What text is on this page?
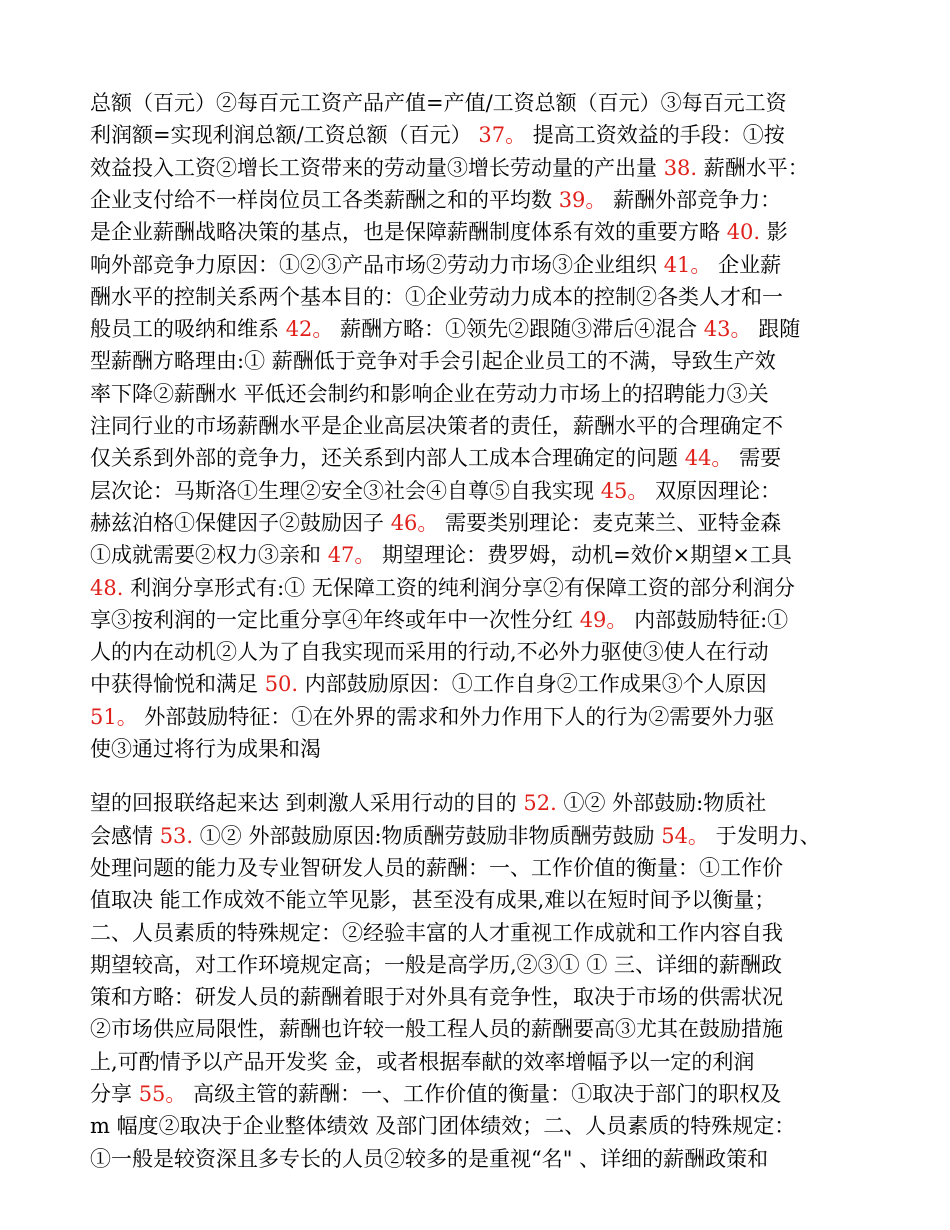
总额（百元）②每百元工资产品产值=产值/工资总额（百元）③每百元工资
利润额=实现利润总额/工资总额（百元） 37。 提高工资效益的手段：①按
效益投入工资②增长工资带来的劳动量③增长劳动量的产出量 38. 薪酬水平：
企业支付给不一样岗位员工各类薪酬之和的平均数 39。 薪酬外部竞争力：
是企业薪酬战略决策的基点，也是保障薪酬制度体系有效的重要方略 40. 影
响外部竞争力原因：①②③产品市场②劳动力市场③企业组织 41。 企业薪
酬水平的控制关系两个基本目的：①企业劳动力成本的控制②各类人才和一
般员工的吸纳和维系 42。 薪酬方略：①领先②跟随③滞后④混合 43。 跟随
型薪酬方略理由:① 薪酬低于竞争对手会引起企业员工的不满，导致生产效
率下降②薪酬水 平低还会制约和影响企业在劳动力市场上的招聘能力③关
注同行业的市场薪酬水平是企业高层决策者的责任，薪酬水平的合理确定不
仅关系到外部的竞争力，还关系到内部人工成本合理确定的问题 44。 需要
层次论：马斯洛①生理②安全③社会④自尊⑤自我实现 45。 双原因理论：
赫兹泊格①保健因子②鼓励因子 46。 需要类别理论：麦克莱兰、亚特金森
①成就需要②权力③亲和 47。 期望理论：费罗姆，动机=效价×期望×工具
48. 利润分享形式有:① 无保障工资的纯利润分享②有保障工资的部分利润分
享③按利润的一定比重分享④年终或年中一次性分红 49。 内部鼓励特征:①
人的内在动机②人为了自我实现而采用的行动,不必外力驱使③使人在行动
中获得愉悦和满足 50. 内部鼓励原因：①工作自身②工作成果③个人原因
51。 外部鼓励特征：①在外界的需求和外力作用下人的行为②需要外力驱
使③通过将行为成果和渴
望的回报联络起来达 到刺激人采用行动的目的 52. ①② 外部鼓励:物质社
会感情 53. ①② 外部鼓励原因:物质酬劳鼓励非物质酬劳鼓励 54。 于发明力、
处理问题的能力及专业智研发人员的薪酬：一、工作价值的衡量：①工作价
值取决 能工作成效不能立竿见影，甚至没有成果,难以在短时间予以衡量；
二、人员素质的特殊规定：②经验丰富的人才重视工作成就和工作内容自我
期望较高，对工作环境规定高；一般是高学历,②③① ① 三、详细的薪酬政
策和方略：研发人员的薪酬着眼于对外具有竞争性，取决于市场的供需状况
②市场供应局限性，薪酬也许较一般工程人员的薪酬要高③尤其在鼓励措施
上,可酌情予以产品开发奖 金，或者根据奉献的效率增幅予以一定的利润
分享 55。 高级主管的薪酬：一、工作价值的衡量：①取决于部门的职权及
m 幅度②取决于企业整体绩效 及部门团体绩效；二、人员素质的特殊规定：
①一般是较资深且多专长的人员②较多的是重视“名" 、详细的薪酬政策和
